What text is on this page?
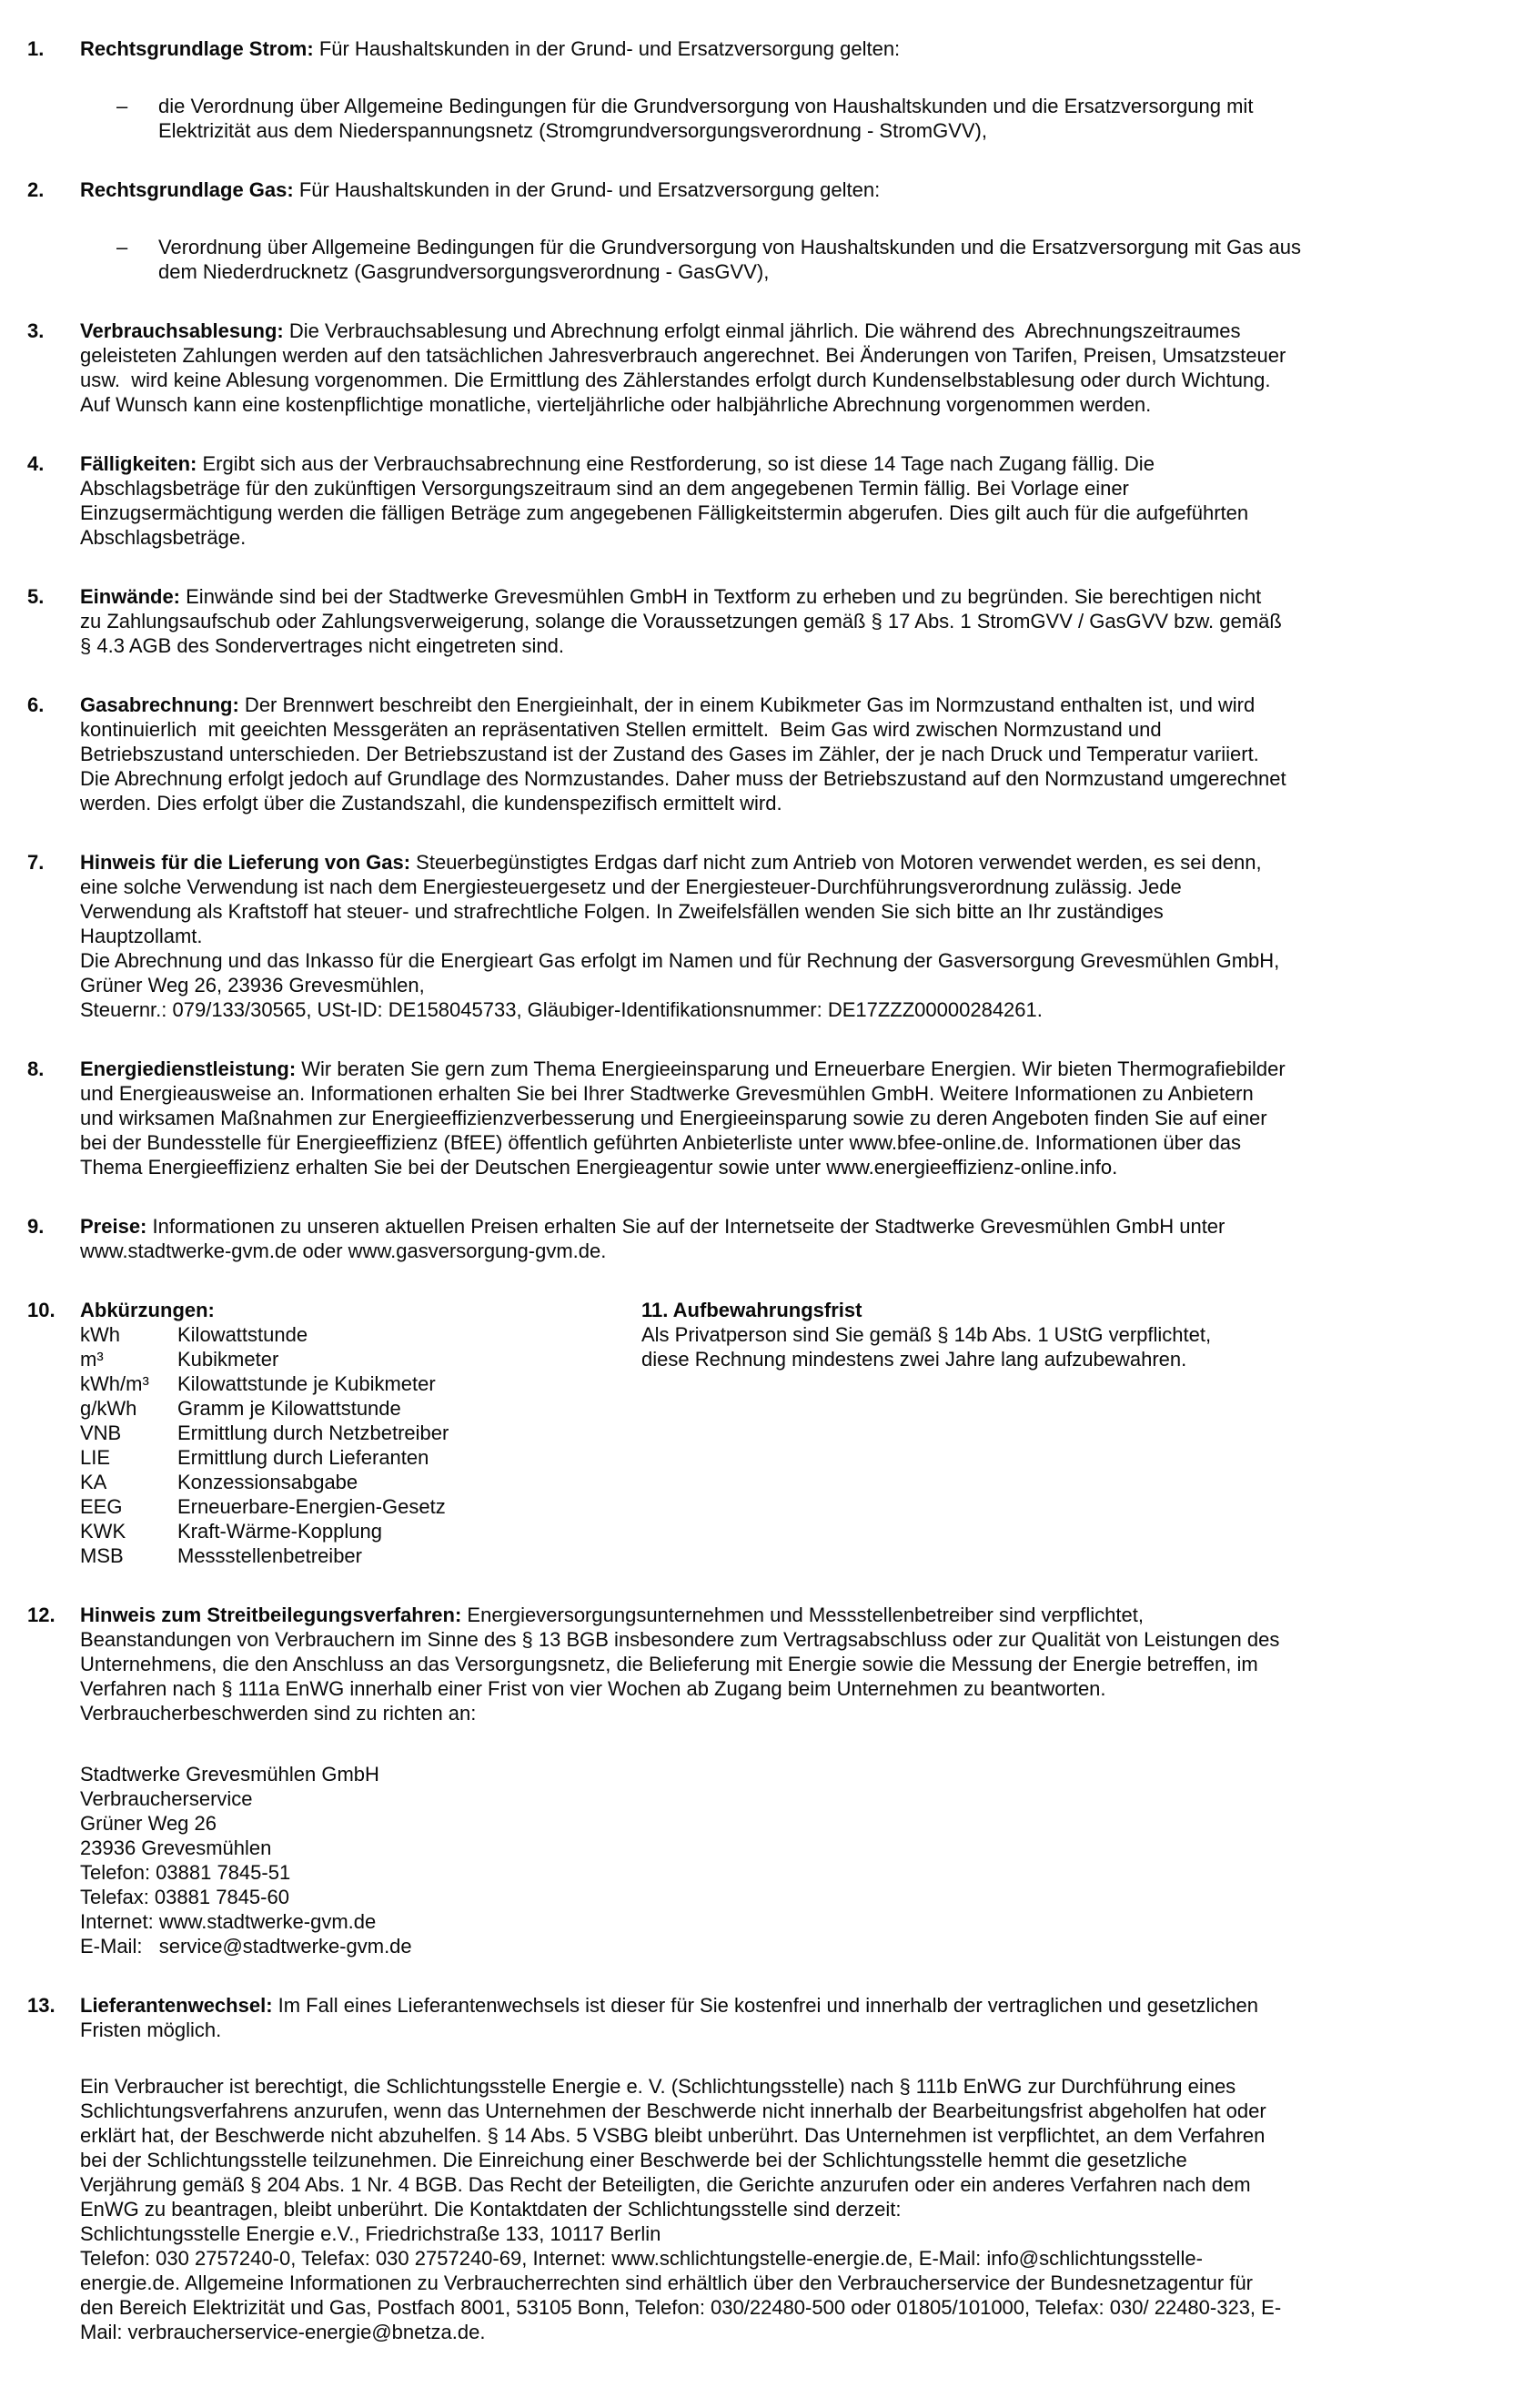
1.	Rechtsgrundlage Strom: Für Haushaltskunden in der Grund- und Ersatzversorgung gelten:
–	die Verordnung über Allgemeine Bedingungen für die Grundversorgung von Haushaltskunden und die Ersatzversorgung mit
Elektrizität aus dem Niederspannungsnetz (Stromgrundversorgungsverordnung - StromGVV),
2.	Rechtsgrundlage Gas: Für Haushaltskunden in der Grund- und Ersatzversorgung gelten:
–	Verordnung über Allgemeine Bedingungen für die Grundversorgung von Haushaltskunden und die Ersatzversorgung mit Gas aus
dem Niederdrucknetz (Gasgrundversorgungsverordnung - GasGVV),
3.	Verbrauchsablesung: Die Verbrauchsablesung und Abrechnung erfolgt einmal jährlich. Die während des  Abrechnungszeitraumes
geleisteten Zahlungen werden auf den tatsächlichen Jahresverbrauch angerechnet. Bei Änderungen von Tarifen, Preisen, Umsatzsteuer
usw.  wird keine Ablesung vorgenommen. Die Ermittlung des Zählerstandes erfolgt durch Kundenselbstablesung oder durch Wichtung.
Auf Wunsch kann eine kostenpflichtige monatliche, vierteljährliche oder halbjährliche Abrechnung vorgenommen werden.
4.	Fälligkeiten: Ergibt sich aus der Verbrauchsabrechnung eine Restforderung, so ist diese 14 Tage nach Zugang fällig. Die
Abschlagsbeträge für den zukünftigen Versorgungszeitraum sind an dem angegebenen Termin fällig. Bei Vorlage einer
Einzugsermächtigung werden die fälligen Beträge zum angegebenen Fälligkeitstermin abgerufen. Dies gilt auch für die aufgeführten
Abschlagsbeträge.
5.	Einwände: Einwände sind bei der Stadtwerke Grevesmühlen GmbH in Textform zu erheben und zu begründen. Sie berechtigen nicht
zu Zahlungsaufschub oder Zahlungsverweigerung, solange die Voraussetzungen gemäß § 17 Abs. 1 StromGVV / GasGVV bzw. gemäß
§ 4.3 AGB des Sondervertrages nicht eingetreten sind.
6.	Gasabrechnung: Der Brennwert beschreibt den Energieinhalt, der in einem Kubikmeter Gas im Normzustand enthalten ist, und wird
kontinuierlich  mit geeichten Messgeräten an repräsentativen Stellen ermittelt.  Beim Gas wird zwischen Normzustand und
Betriebszustand unterschieden. Der Betriebszustand ist der Zustand des Gases im Zähler, der je nach Druck und Temperatur variiert.
Die Abrechnung erfolgt jedoch auf Grundlage des Normzustandes. Daher muss der Betriebszustand auf den Normzustand umgerechnet
werden. Dies erfolgt über die Zustandszahl, die kundenspezifisch ermittelt wird.
7.	Hinweis für die Lieferung von Gas: Steuerbegünstigtes Erdgas darf nicht zum Antrieb von Motoren verwendet werden, es sei denn,
eine solche Verwendung ist nach dem Energiesteuergesetz und der Energiesteuer-Durchführungsverordnung zulässig. Jede
Verwendung als Kraftstoff hat steuer- und strafrechtliche Folgen. In Zweifelsfällen wenden Sie sich bitte an Ihr zuständiges
Hauptzollamt.
Die Abrechnung und das Inkasso für die Energieart Gas erfolgt im Namen und für Rechnung der Gasversorgung Grevesmühlen GmbH,
Grüner Weg 26, 23936 Grevesmühlen,
Steuernr.: 079/133/30565, USt-ID: DE158045733, Gläubiger-Identifikationsnummer: DE17ZZZ00000284261.
8.	Energiedienstleistung: Wir beraten Sie gern zum Thema Energieeinsparung und Erneuerbare Energien. Wir bieten Thermografiebilder
und Energieausweise an. Informationen erhalten Sie bei Ihrer Stadtwerke Grevesmühlen GmbH. Weitere Informationen zu Anbietern
und wirksamen Maßnahmen zur Energieeffizienzverbesserung und Energieeinsparung sowie zu deren Angeboten finden Sie auf einer
bei der Bundesstelle für Energieeffizienz (BfEE) öffentlich geführten Anbieterliste unter www.bfee-online.de. Informationen über das
Thema Energieeffizienz erhalten Sie bei der Deutschen Energieagentur sowie unter www.energieeffizienz-online.info.
9.	Preise: Informationen zu unseren aktuellen Preisen erhalten Sie auf der Internetseite der Stadtwerke Grevesmühlen GmbH unter
www.stadtwerke-gvm.de oder www.gasversorgung-gvm.de.
10.	Abkürzungen:
kWh	Kilowattstunde
m³	Kubikmeter
kWh/m³	Kilowattstunde je Kubikmeter
g/kWh	Gramm je Kilowattstunde
VNB	Ermittlung durch Netzbetreiber
LIE	Ermittlung durch Lieferanten
KA	Konzessionsabgabe
EEG	Erneuerbare-Energien-Gesetz
KWK	Kraft-Wärme-Kopplung
MSB	Messstellenbetreiber
11. Aufbewahrungsfrist
Als Privatperson sind Sie gemäß § 14b Abs. 1 UStG verpflichtet,
diese Rechnung mindestens zwei Jahre lang aufzubewahren.
12.	Hinweis zum Streitbeilegungsverfahren: Energieversorgungsunternehmen und Messstellenbetreiber sind verpflichtet,
Beanstandungen von Verbrauchern im Sinne des § 13 BGB insbesondere zum Vertragsabschluss oder zur Qualität von Leistungen des
Unternehmens, die den Anschluss an das Versorgungsnetz, die Belieferung mit Energie sowie die Messung der Energie betreffen, im
Verfahren nach § 111a EnWG innerhalb einer Frist von vier Wochen ab Zugang beim Unternehmen zu beantworten.
Verbraucherbeschwerden sind zu richten an:
Stadtwerke Grevesmühlen GmbH
Verbraucherservice
Grüner Weg 26
23936 Grevesmühlen
Telefon: 03881 7845-51
Telefax: 03881 7845-60
Internet: www.stadtwerke-gvm.de
E-Mail:   service@stadtwerke-gvm.de
13.	Lieferantenwechsel: Im Fall eines Lieferantenwechsels ist dieser für Sie kostenfrei und innerhalb der vertraglichen und gesetzlichen
Fristen möglich.
Ein Verbraucher ist berechtigt, die Schlichtungsstelle Energie e. V. (Schlichtungsstelle) nach § 111b EnWG zur Durchführung eines
Schlichtungsverfahrens anzurufen, wenn das Unternehmen der Beschwerde nicht innerhalb der Bearbeitungsfrist abgeholfen hat oder
erklärt hat, der Beschwerde nicht abzuhelfen. § 14 Abs. 5 VSBG bleibt unberührt. Das Unternehmen ist verpflichtet, an dem Verfahren
bei der Schlichtungsstelle teilzunehmen. Die Einreichung einer Beschwerde bei der Schlichtungsstelle hemmt die gesetzliche
Verjährung gemäß § 204 Abs. 1 Nr. 4 BGB. Das Recht der Beteiligten, die Gerichte anzurufen oder ein anderes Verfahren nach dem
EnWG zu beantragen, bleibt unberührt. Die Kontaktdaten der Schlichtungsstelle sind derzeit:
Schlichtungsstelle Energie e.V., Friedrichstraße 133, 10117 Berlin
Telefon: 030 2757240-0, Telefax: 030 2757240-69, Internet: www.schlichtungstelle-energie.de, E-Mail: info@schlichtungsstelle-
energie.de. Allgemeine Informationen zu Verbraucherrechten sind erhältlich über den Verbraucherservice der Bundesnetzagentur für
den Bereich Elektrizität und Gas, Postfach 8001, 53105 Bonn, Telefon: 030/22480-500 oder 01805/101000, Telefax: 030/ 22480-323, E-
Mail: verbraucherservice-energie@bnetza.de.
